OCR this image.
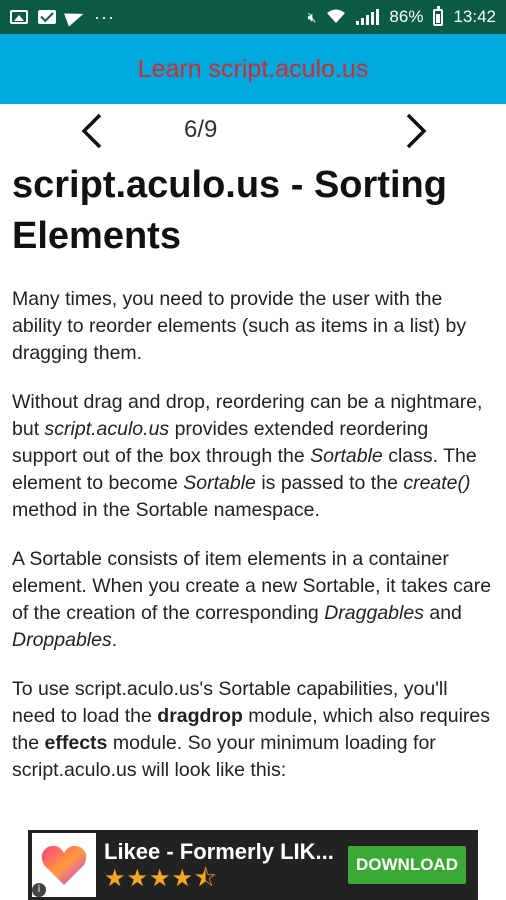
···	🔇︎	86% 13:42
Learn script.aculo.us
6/9
script.aculo.us - Sorting Elements

Many times, you need to provide the user with the ability to reorder elements (such as items in a list) by dragging them.

Without drag and drop, reordering can be a nightmare, but script.aculo.us provides extended reordering support out of the box through the Sortable class. The element to become Sortable is passed to the create() method in the Sortable namespace.

A Sortable consists of item elements in a container element. When you create a new Sortable, it takes care of the creation of the corresponding Draggables and Droppables.

To use script.aculo.us's Sortable capabilities, you'll need to load the dragdrop module, which also requires the effects module. So your minimum loading for script.aculo.us will look like this:

i
Likee - Formerly LIK...
★★★★⯪	DOWNLOAD
